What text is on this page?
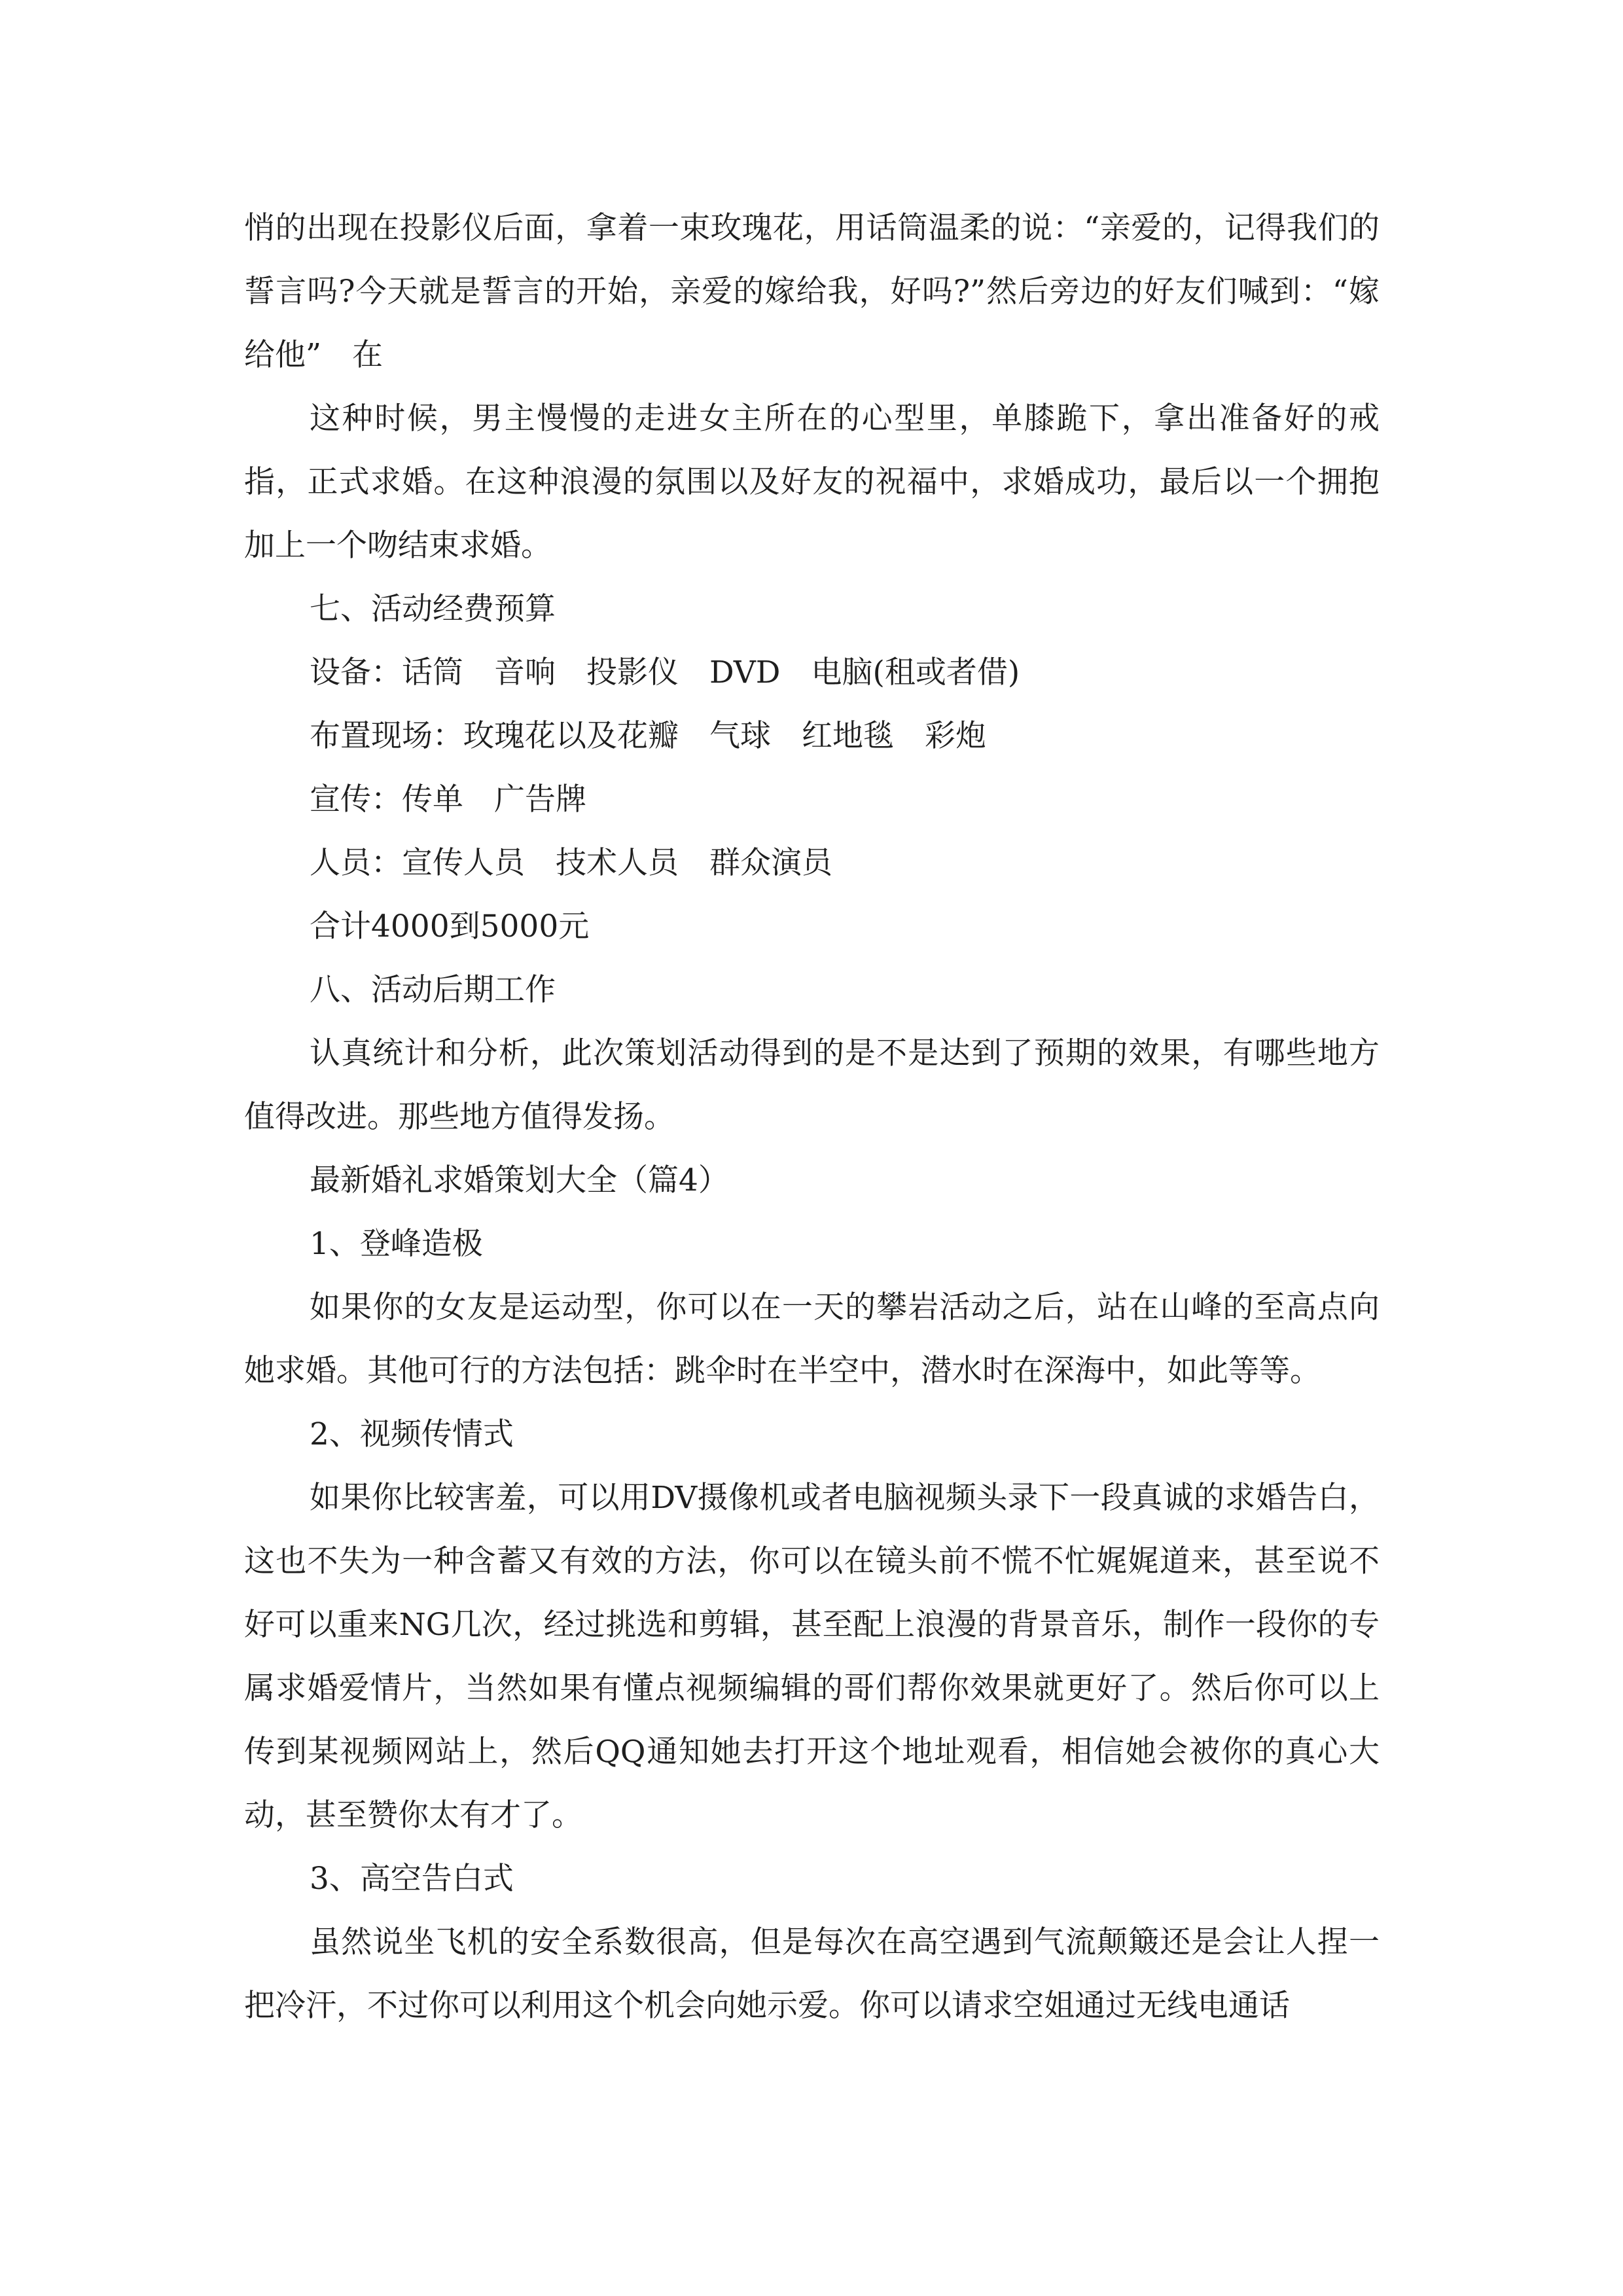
悄的出现在投影仪后面，拿着一束玫瑰花，用话筒温柔的说：“亲爱的，记得我们的誓言吗?今天就是誓言的开始，亲爱的嫁给我，好吗?”然后旁边的好友们喊到：“嫁给他”　在

这种时候，男主慢慢的走进女主所在的心型里，单膝跪下，拿出准备好的戒指，正式求婚。在这种浪漫的氛围以及好友的祝福中，求婚成功，最后以一个拥抱加上一个吻结束求婚。

七、活动经费预算

设备：话筒　音响　投影仪　DVD　电脑(租或者借)

布置现场：玫瑰花以及花瓣　气球　红地毯　彩炮

宣传：传单　广告牌

人员：宣传人员　技术人员　群众演员

合计4000到5000元

八、活动后期工作

认真统计和分析，此次策划活动得到的是不是达到了预期的效果，有哪些地方值得改进。那些地方值得发扬。

最新婚礼求婚策划大全（篇4）

1、登峰造极

如果你的女友是运动型，你可以在一天的攀岩活动之后，站在山峰的至高点向她求婚。其他可行的方法包括：跳伞时在半空中，潜水时在深海中，如此等等。

2、视频传情式

如果你比较害羞，可以用DV摄像机或者电脑视频头录下一段真诚的求婚告白，这也不失为一种含蓄又有效的方法，你可以在镜头前不慌不忙娓娓道来，甚至说不好可以重来NG几次，经过挑选和剪辑，甚至配上浪漫的背景音乐，制作一段你的专属求婚爱情片，当然如果有懂点视频编辑的哥们帮你效果就更好了。然后你可以上传到某视频网站上，然后QQ通知她去打开这个地址观看，相信她会被你的真心大动，甚至赞你太有才了。

3、高空告白式

虽然说坐飞机的安全系数很高，但是每次在高空遇到气流颠簸还是会让人捏一把冷汗，不过你可以利用这个机会向她示爱。你可以请求空姐通过无线电通话
